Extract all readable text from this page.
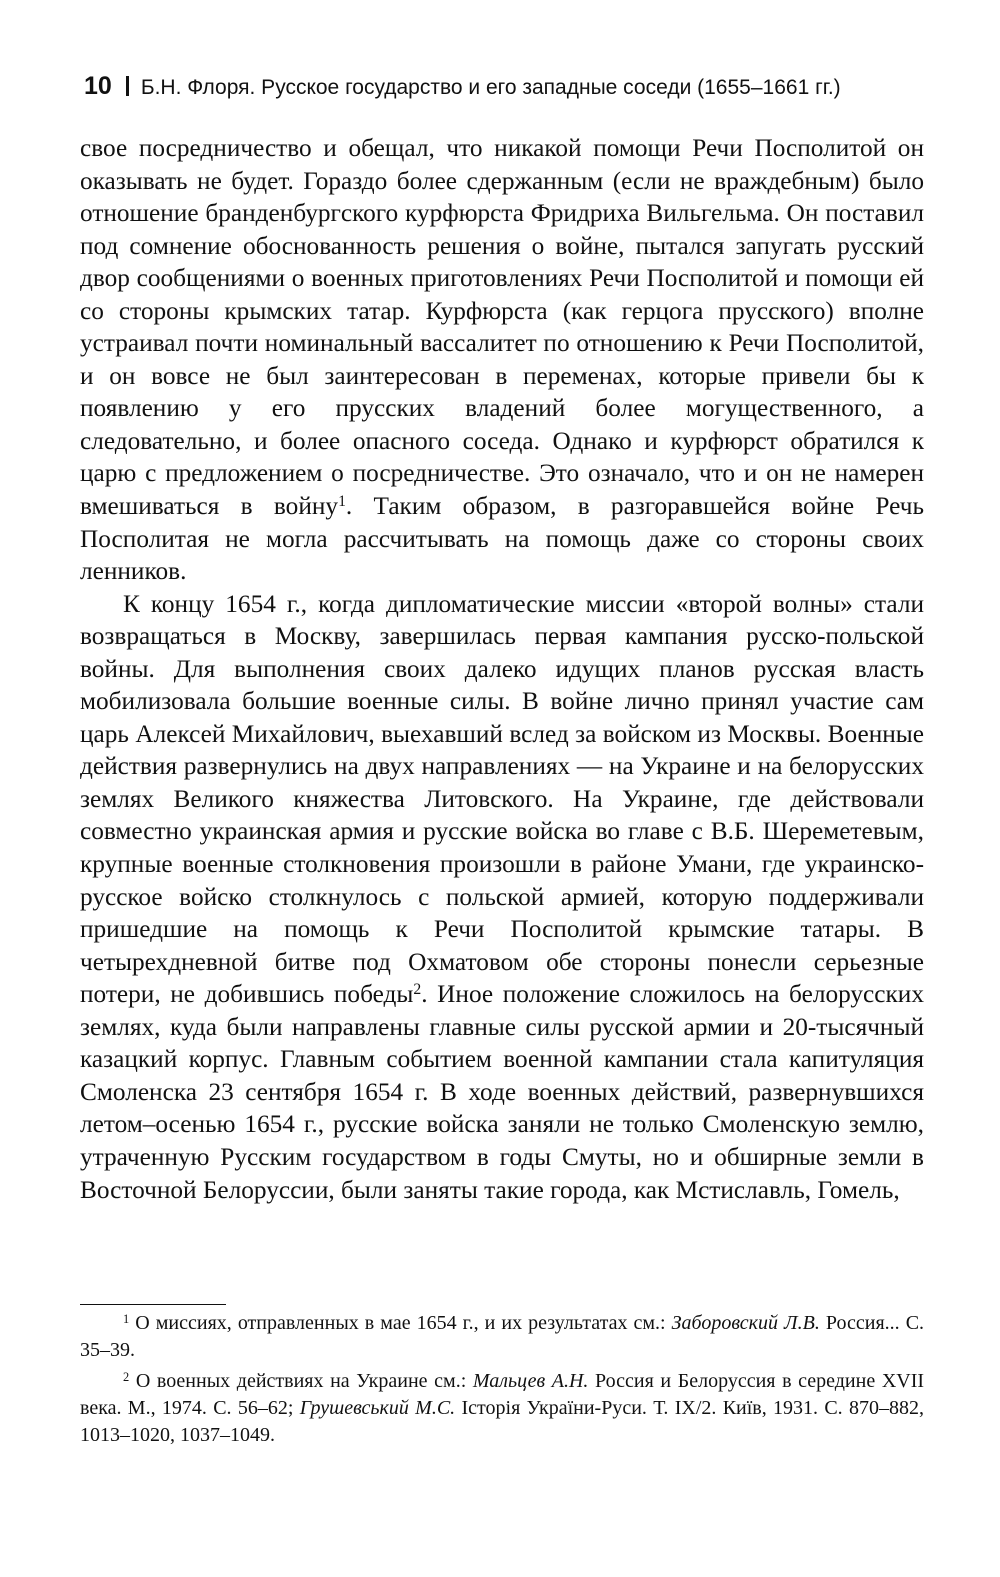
10 Б.Н. Флоря. Русское государство и его западные соседи (1655–1661 гг.)

свое посредничество и обещал, что никакой помощи Речи Посполитой он оказывать не будет. Гораздо более сдержанным (если не враждебным) было отношение бранденбургского курфюрста Фридриха Вильгельма. Он поставил под сомнение обоснованность решения о войне, пытался запугать русский двор сообщениями о военных приготовлениях Речи Посполитой и помощи ей со стороны крымских татар. Курфюрста (как герцога прусского) вполне устраивал почти номинальный вассалитет по отношению к Речи Посполитой, и он вовсе не был заинтересован в переменах, которые привели бы к появлению у его прусских владений более могущественного, а следовательно, и более опасного соседа. Однако и курфюрст обратился к царю с предложением о посредничестве. Это означало, что и он не намерен вмешиваться в войну$^1$. Таким образом, в разгоравшейся войне Речь Посполитая не могла рассчитывать на помощь даже со стороны своих ленников.

К концу 1654 г., когда дипломатические миссии «второй волны» стали возвращаться в Москву, завершилась первая кампания русско-польской войны. Для выполнения своих далеко идущих планов русская власть мобилизовала большие военные силы. В войне лично принял участие сам царь Алексей Михайлович, выехавший вслед за войском из Москвы. Военные действия развернулись на двух направлениях — на Украине и на белорусских землях Великого княжества Литовского. На Украине, где действовали совместно украинская армия и русские войска во главе с В.Б. Шереметевым, крупные военные столкновения произошли в районе Умани, где украинско-русское войско столкнулось с польской армией, которую поддерживали пришедшие на помощь к Речи Посполитой крымские татары. В четырехдневной битве под Охматовом обе стороны понесли серьезные потери, не добившись победы$^2$. Иное положение сложилось на белорусских землях, куда были направлены главные силы русской армии и 20-тысячный казацкий корпус. Главным событием военной кампании стала капитуляция Смоленска 23 сентября 1654 г. В ходе военных действий, развернувшихся летом–осенью 1654 г., русские войска заняли не только Смоленскую землю, утраченную Русским государством в годы Смуты, но и обширные земли в Восточной Белоруссии, были заняты такие города, как Мстиславль, Гомель,

$^1$ О миссиях, отправленных в мае 1654 г., и их результатах см.: Заборовский Л.В. Россия... С. 35–39.

$^2$ О военных действиях на Украине см.: Мальцев А.Н. Россия и Белоруссия в середине XVII века. М., 1974. С. 56–62; Грушевський М.С. Історія України-Руси. Т. IX/2. Київ, 1931. С. 870–882, 1013–1020, 1037–1049.
